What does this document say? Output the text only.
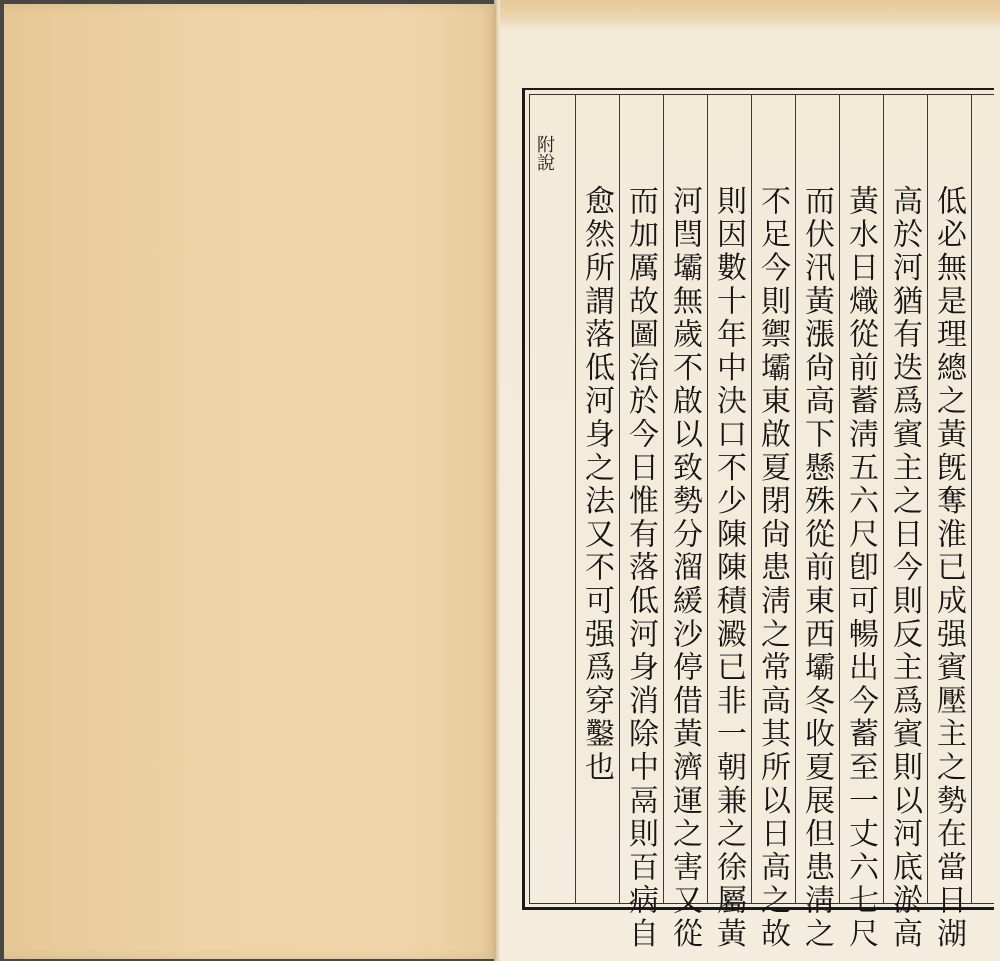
附說
低必無是理總之黃旣奪淮已成强賓壓主之勢在當日湖
高於河猶有迭爲賓主之日今則反主爲賓則以河底淤高
黃水日熾從前蓄淸五六尺卽可暢出今蓄至一丈六七尺
而伏汛黃漲尙高下懸殊從前東西壩冬收夏展但患淸之
不足今則禦壩東啟夏閉尙患淸之常高其所以日高之故
則因數十年中決口不少陳陳積澱已非一朝兼之徐屬黃
河閆壩無歲不啟以致勢分溜緩沙停借黃濟運之害又從
而加厲故圖治於今日惟有落低河身消除中鬲則百病自
愈然所謂落低河身之法又不可强爲穿鑿也
